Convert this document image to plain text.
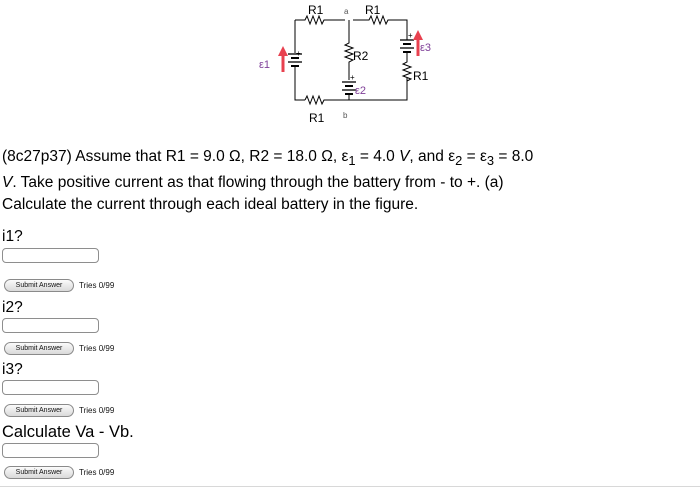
R1	R1
a
R2
R1
R1 b
ε1
ε2
ε3
+
+
+

(8c27p37) Assume that R1 = 9.0 Ω, R2 = 18.0 Ω, $\varepsilon_1 = 4.0$ V, and $\varepsilon_2 = \varepsilon_3 = 8.0$
V. Take positive current as that flowing through the battery from - to +. (a)
Calculate the current through each ideal battery in the figure.

i1?
Submit Answer	Tries 0/99
i2?
Submit Answer	Tries 0/99
i3?
Submit Answer	Tries 0/99
Calculate Va - Vb.
Submit Answer	Tries 0/99
